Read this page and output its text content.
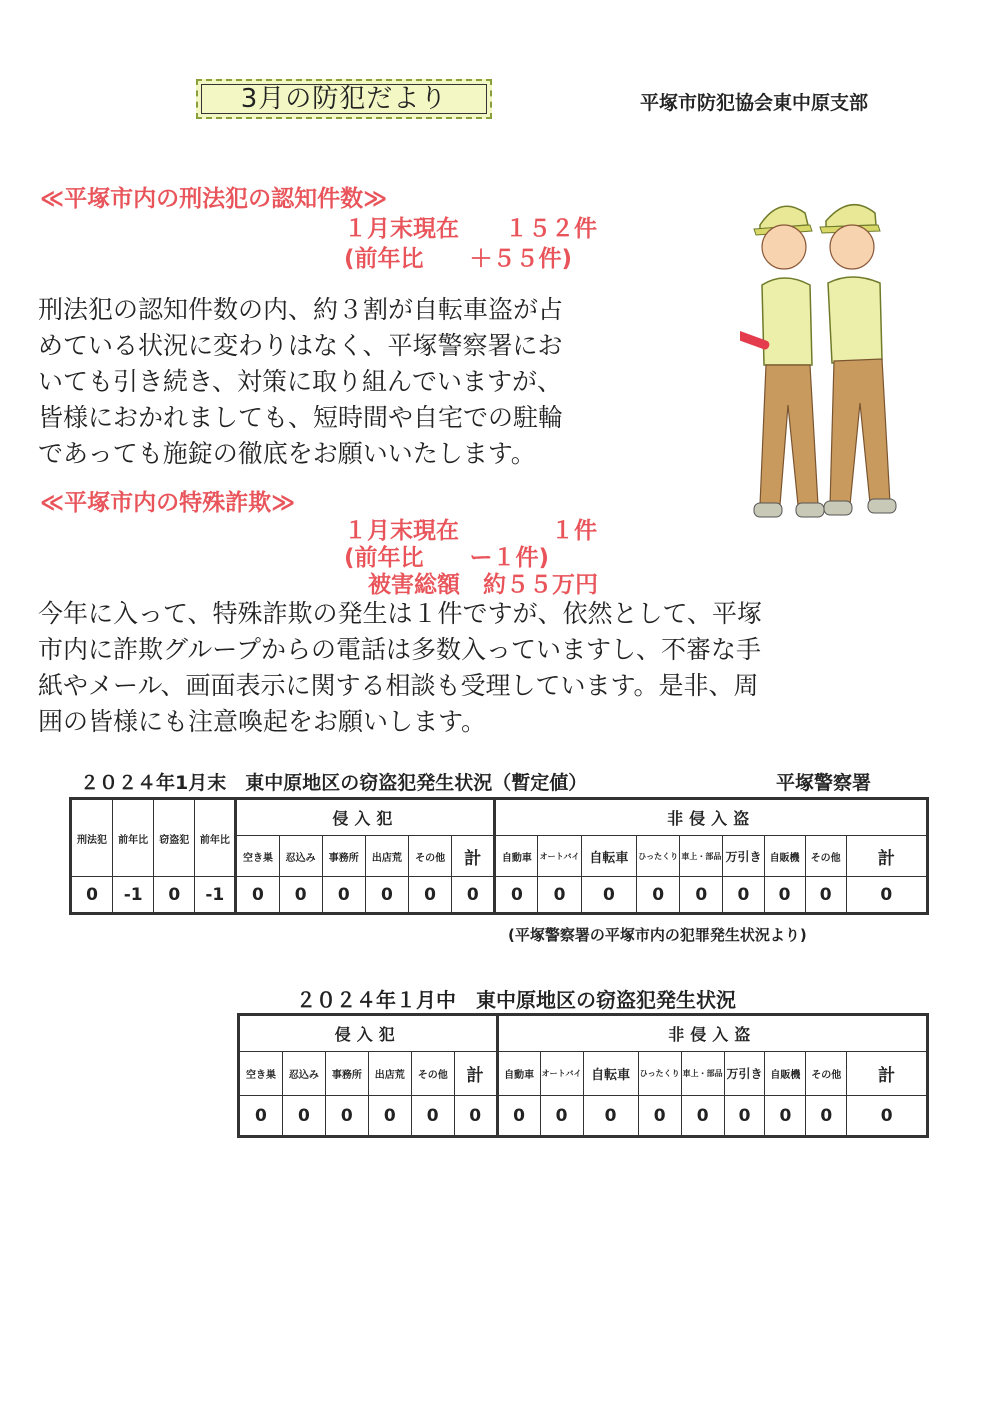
3月の防犯だより	平塚市防犯協会東中原支部
≪平塚市内の刑法犯の認知件数≫
１月末現在　　１５２件
(前年比　　＋５５件)
刑法犯の認知件数の内、約３割が自転車盗が占
めている状況に変わりはなく、平塚警察署にお
いても引き続き、対策に取り組んでいますが、
皆様におかれましても、短時間や自宅での駐輪
であっても施錠の徹底をお願いいたします。
≪平塚市内の特殊詐欺≫
１月末現在　　　　１件
(前年比　　ー１件)
被害総額　約５５万円
今年に入って、特殊詐欺の発生は１件ですが、依然として、平塚
市内に詐欺グループからの電話は多数入っていますし、不審な手
紙やメール、画面表示に関する相談も受理しています。是非、周
囲の皆様にも注意喚起をお願いします。
２０２４年1月末　東中原地区の窃盗犯発生状況（暫定値）	平塚警察署
刑法犯	前年比	窃盗犯	前年比	侵入犯						非侵入盗								
				空き巣	忍込み	事務所	出店荒	その他	計	自動車	オートバイ	自転車	ひったくり	車上・部品	万引き	自販機	その他	計
0	-1	0	-1	0	0	0	0	0	0	0	0	0	0	0	0	0	0	0
(平塚警察署の平塚市内の犯罪発生状況より)
２０２４年１月中　東中原地区の窃盗犯発生状況
侵入犯						非侵入盗								
空き巣	忍込み	事務所	出店荒	その他	計	自動車	オートバイ	自転車	ひったくり	車上・部品	万引き	自販機	その他	計
0	0	0	0	0	0	0	0	0	0	0	0	0	0	0
